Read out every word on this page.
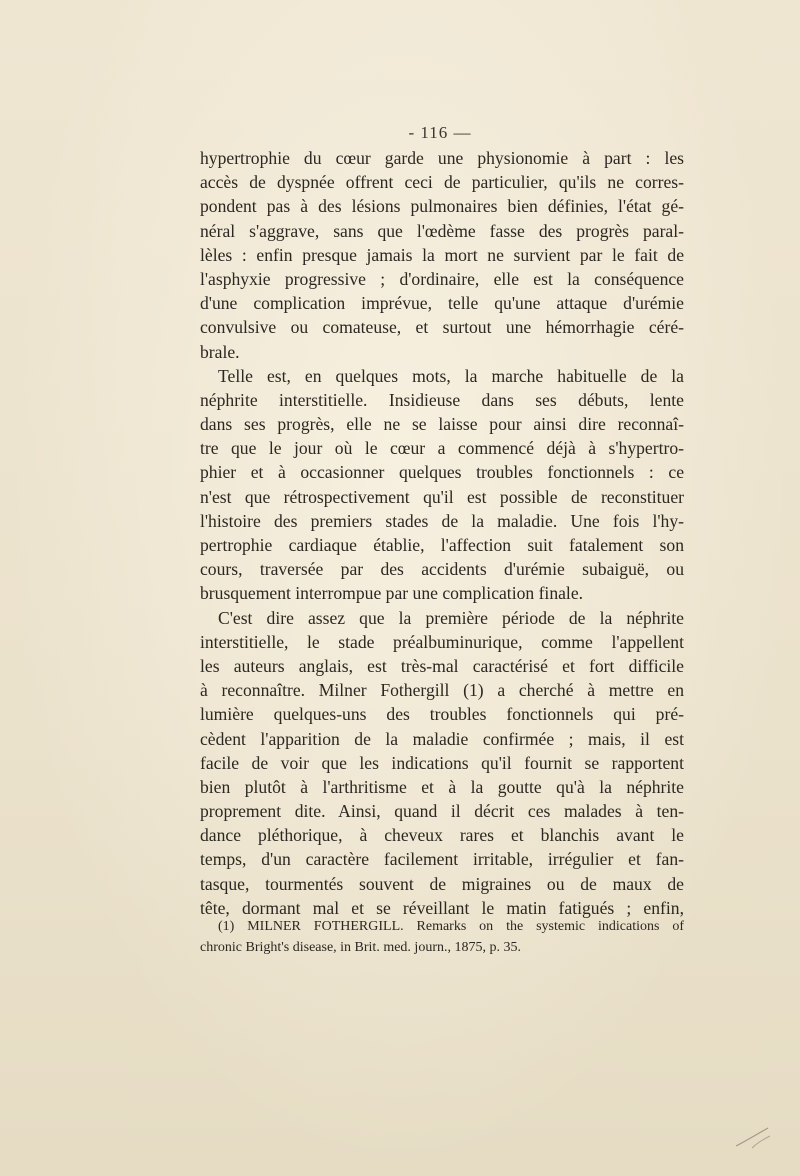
- 116 —
hypertrophie du cœur garde une physionomie à part : les
accès de dyspnée offrent ceci de particulier, qu'ils ne corres-
pondent pas à des lésions pulmonaires bien définies, l'état gé-
néral s'aggrave, sans que l'œdème fasse des progrès paral-
lèles : enfin presque jamais la mort ne survient par le fait de
l'asphyxie progressive ; d'ordinaire, elle est la conséquence
d'une complication imprévue, telle qu'une attaque d'urémie
convulsive ou comateuse, et surtout une hémorrhagie céré-
brale.
Telle est, en quelques mots, la marche habituelle de la
néphrite interstitielle. Insidieuse dans ses débuts, lente
dans ses progrès, elle ne se laisse pour ainsi dire reconnaî-
tre que le jour où le cœur a commencé déjà à s'hypertro-
phier et à occasionner quelques troubles fonctionnels : ce
n'est que rétrospectivement qu'il est possible de reconstituer
l'histoire des premiers stades de la maladie. Une fois l'hy-
pertrophie cardiaque établie, l'affection suit fatalement son
cours, traversée par des accidents d'urémie subaiguë, ou
brusquement interrompue par une complication finale.
C'est dire assez que la première période de la néphrite
interstitielle, le stade préalbuminurique, comme l'appellent
les auteurs anglais, est très-mal caractérisé et fort difficile
à reconnaître. Milner Fothergill (1) a cherché à mettre en
lumière quelques-uns des troubles fonctionnels qui pré-
cèdent l'apparition de la maladie confirmée ; mais, il est
facile de voir que les indications qu'il fournit se rapportent
bien plutôt à l'arthritisme et à la goutte qu'à la néphrite
proprement dite. Ainsi, quand il décrit ces malades à ten-
dance pléthorique, à cheveux rares et blanchis avant le
temps, d'un caractère facilement irritable, irrégulier et fan-
tasque, tourmentés souvent de migraines ou de maux de
tête, dormant mal et se réveillant le matin fatigués ; enfin,
(1) MILNER FOTHERGILL. Remarks on the systemic indications of
chronic Bright's disease, in Brit. med. journ., 1875, p. 35.
